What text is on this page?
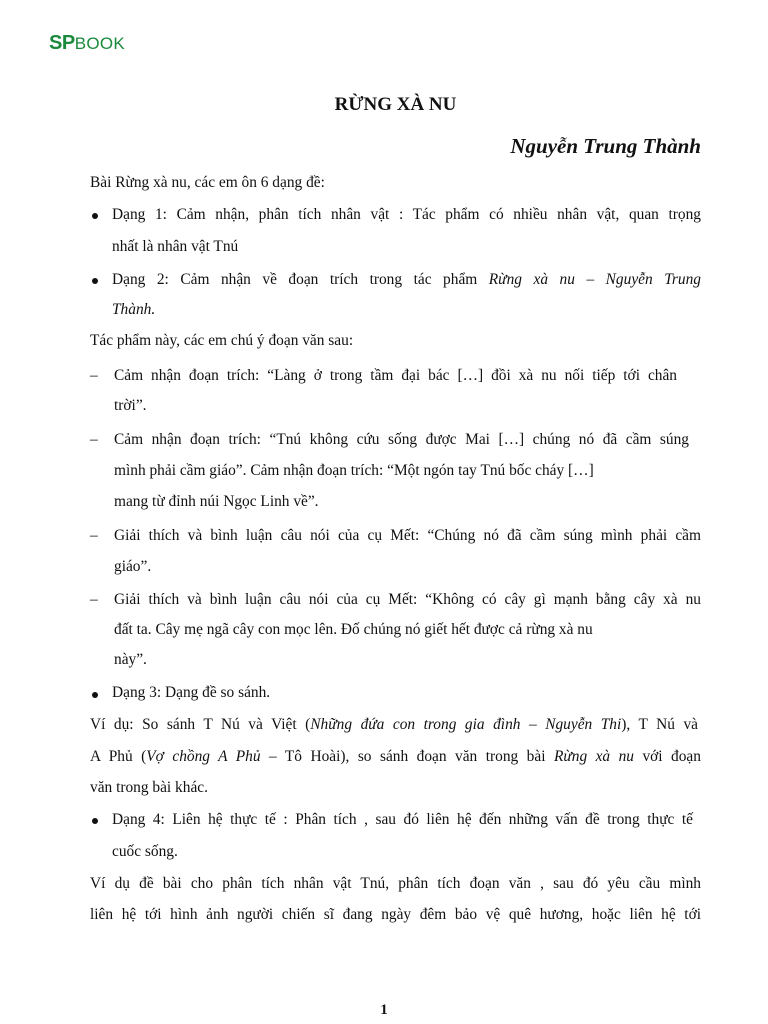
SP BOOK
RỪNG XÀ NU
Nguyễn Trung Thành
Bài Rừng xà nu, các em ôn 6 dạng đề:
Dạng 1: Cảm nhận, phân tích nhân vật : Tác phẩm có nhiều nhân vật, quan trọng
nhất là nhân vật Tnú
Dạng 2: Cảm nhận về đoạn trích trong tác phẩm Rừng xà nu – Nguyễn Trung
Thành.
Tác phẩm này, các em chú ý đoạn văn sau:
– Cảm nhận đoạn trích: “Làng ở trong tầm đại bác […] đồi xà nu nối tiếp tới chân
trời”.
– Cảm nhận đoạn trích: “Tnú không cứu sống được Mai […] chúng nó đã cầm súng
mình phải cầm giáo”. Cảm nhận đoạn trích: “Một ngón tay Tnú bốc cháy […]
mang từ đỉnh núi Ngọc Linh về”.
– Giải thích và bình luận câu nói của cụ Mết: “Chúng nó đã cầm súng mình phải cầm
giáo”.
– Giải thích và bình luận câu nói của cụ Mết: “Không có cây gì mạnh bằng cây xà nu
đất ta. Cây mẹ ngã cây con mọc lên. Đố chúng nó giết hết được cả rừng xà nu
này”.
Dạng 3: Dạng đề so sánh.
Ví dụ: So sánh T Nú và Việt (Những đứa con trong gia đình – Nguyễn Thi), T Nú và
A Phủ (Vợ chồng A Phủ – Tô Hoài), so sánh đoạn văn trong bài Rừng xà nu với đoạn
văn trong bài khác.
Dạng 4: Liên hệ thực tế : Phân tích , sau đó liên hệ đến những vấn đề trong thực tế
cuốc sống.
Ví dụ đề bài cho phân tích nhân vật Tnú, phân tích đoạn văn , sau đó yêu cầu mình
liên hệ tới hình ảnh người chiến sĩ đang ngày đêm bảo vệ quê hương, hoặc liên hệ tới
1
